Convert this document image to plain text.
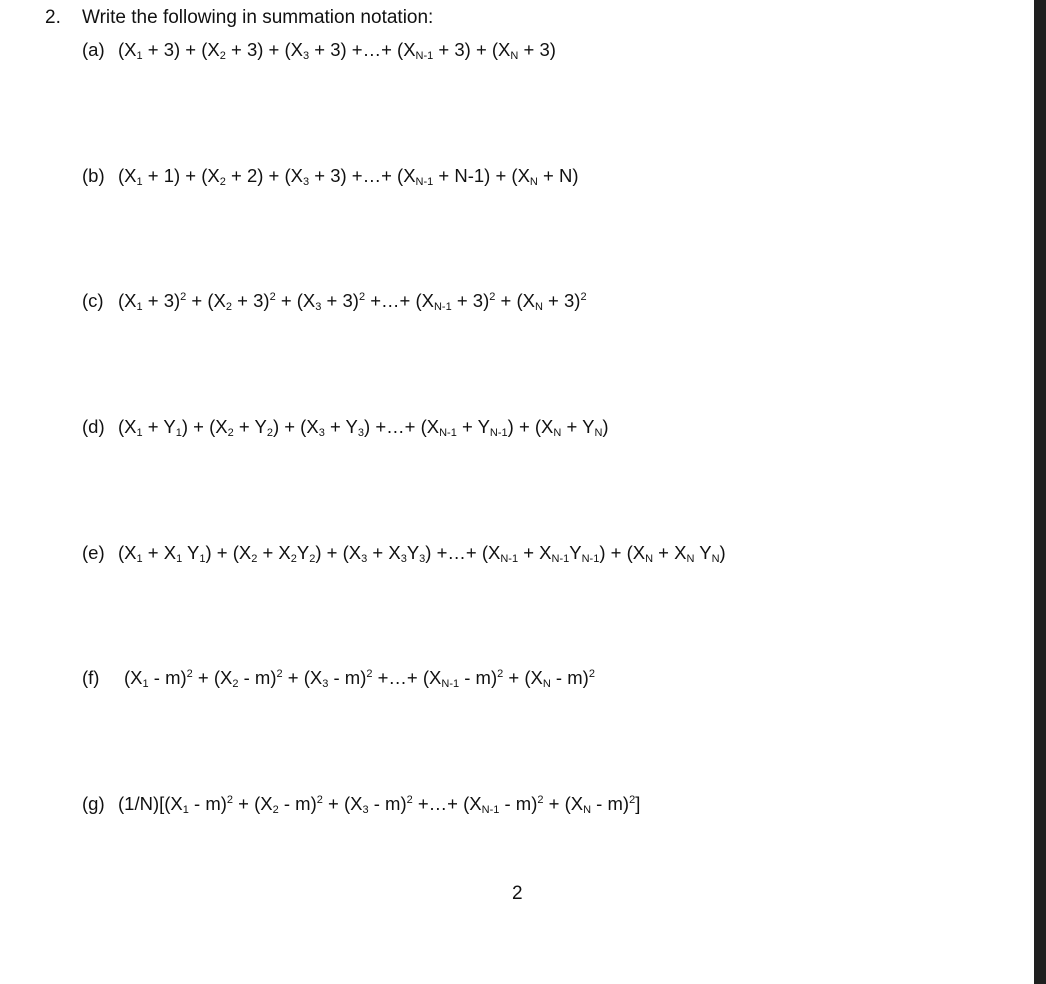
2. Write the following in summation notation:
(a) $(X_1 + 3) + (X_2 + 3) + (X_3 + 3)$ +…+ $(X_{N-1} + 3) + (X_N + 3)$
(b) $(X_1 + 1) + (X_2 + 2) + (X_3 + 3)$ +…+ $(X_{N-1} + N-1) + (X_N + N)$
(c) $(X_1 + 3)^2 + (X_2 + 3)^2 + (X_3 + 3)^2$ +…+ $(X_{N-1} + 3)^2 + (X_N + 3)^2$
(d) $(X_1 + Y_1) + (X_2 + Y_2) + (X_3 + Y_3)$ +…+ $(X_{N-1} + Y_{N-1}) + (X_N + Y_N)$
(e) ($X_1 + X_1$ $Y_1) + (X_2 + X_2Y_2) + (X_3 + X_3Y_3)$ +…+ $(X_{N-1} + X_{N-1}Y_{N-1}) + (X_N + X_N$ $Y_N$)
(f) $(X_1 - m)^2 + (X_2 - m)^2 + (X_3 - m)^2$ +…+ $(X_{N-1} - m)^2 + (X_N - m)^2$
(g) $(1/N)[(X_1 - m)^2 + (X_2 - m)^2 + (X_3 - m)^2$ +…+ $(X_{N-1} - m)^2 + (X_N - m)^2$]
2
